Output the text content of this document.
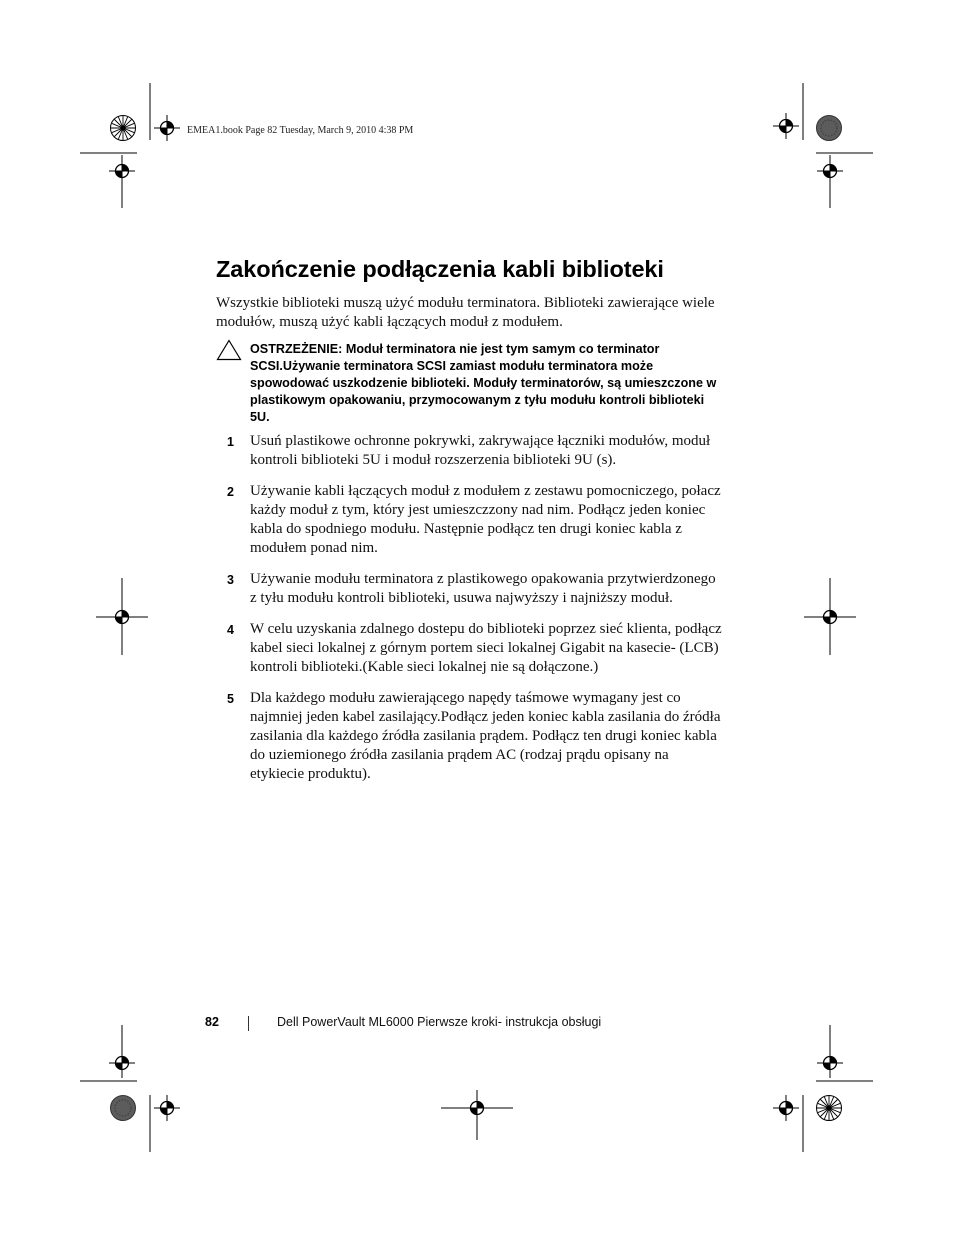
EMEA1.book Page 82 Tuesday, March 9, 2010 4:38 PM
Zakończenie podłączenia kabli biblioteki

Wszystkie biblioteki muszą użyć modułu terminatora. Biblioteki zawierające wiele modułów, muszą użyć kabli łączących moduł z modułem.

OSTRZEŻENIE: Moduł terminatora nie jest tym samym co terminator SCSI.Używanie terminatora SCSI zamiast modułu terminatora może spowodować uszkodzenie biblioteki. Moduły terminatorów, są umieszczone w plastikowym opakowaniu, przymocowanym z tyłu modułu kontroli biblioteki 5U.

1 Usuń plastikowe ochronne pokrywki, zakrywające łączniki modułów, moduł kontroli biblioteki 5U i moduł rozszerzenia biblioteki 9U (s).
2 Używanie kabli łączących moduł z modułem z zestawu pomocniczego, połacz każdy moduł z tym, który jest umieszczzony nad nim. Podłącz jeden koniec kabla do spodniego modułu. Następnie podłącz ten drugi koniec kabla z modułem ponad nim.
3 Używanie modułu terminatora z plastikowego opakowania przytwierdzonego z tyłu modułu kontroli biblioteki, usuwa najwyższy i najniższy moduł.
4 W celu uzyskania zdalnego dostepu do biblioteki poprzez sieć klienta, podłącz kabel sieci lokalnej z górnym portem sieci lokalnej Gigabit na kasecie- (LCB) kontroli biblioteki.(Kable sieci lokalnej nie są dołączone.)
5 Dla każdego modułu zawierającego napędy taśmowe wymagany jest co najmniej jeden kabel zasilający.Podłącz jeden koniec kabla zasilania do źródła zasilania dla każdego źródła zasilania prądem. Podłącz ten drugi koniec kabla do uziemionego źródła zasilania prądem AC (rodzaj prądu opisany na etykiecie produktu).
82	Dell PowerVault ML6000 Pierwsze kroki- instrukcja obsługi
